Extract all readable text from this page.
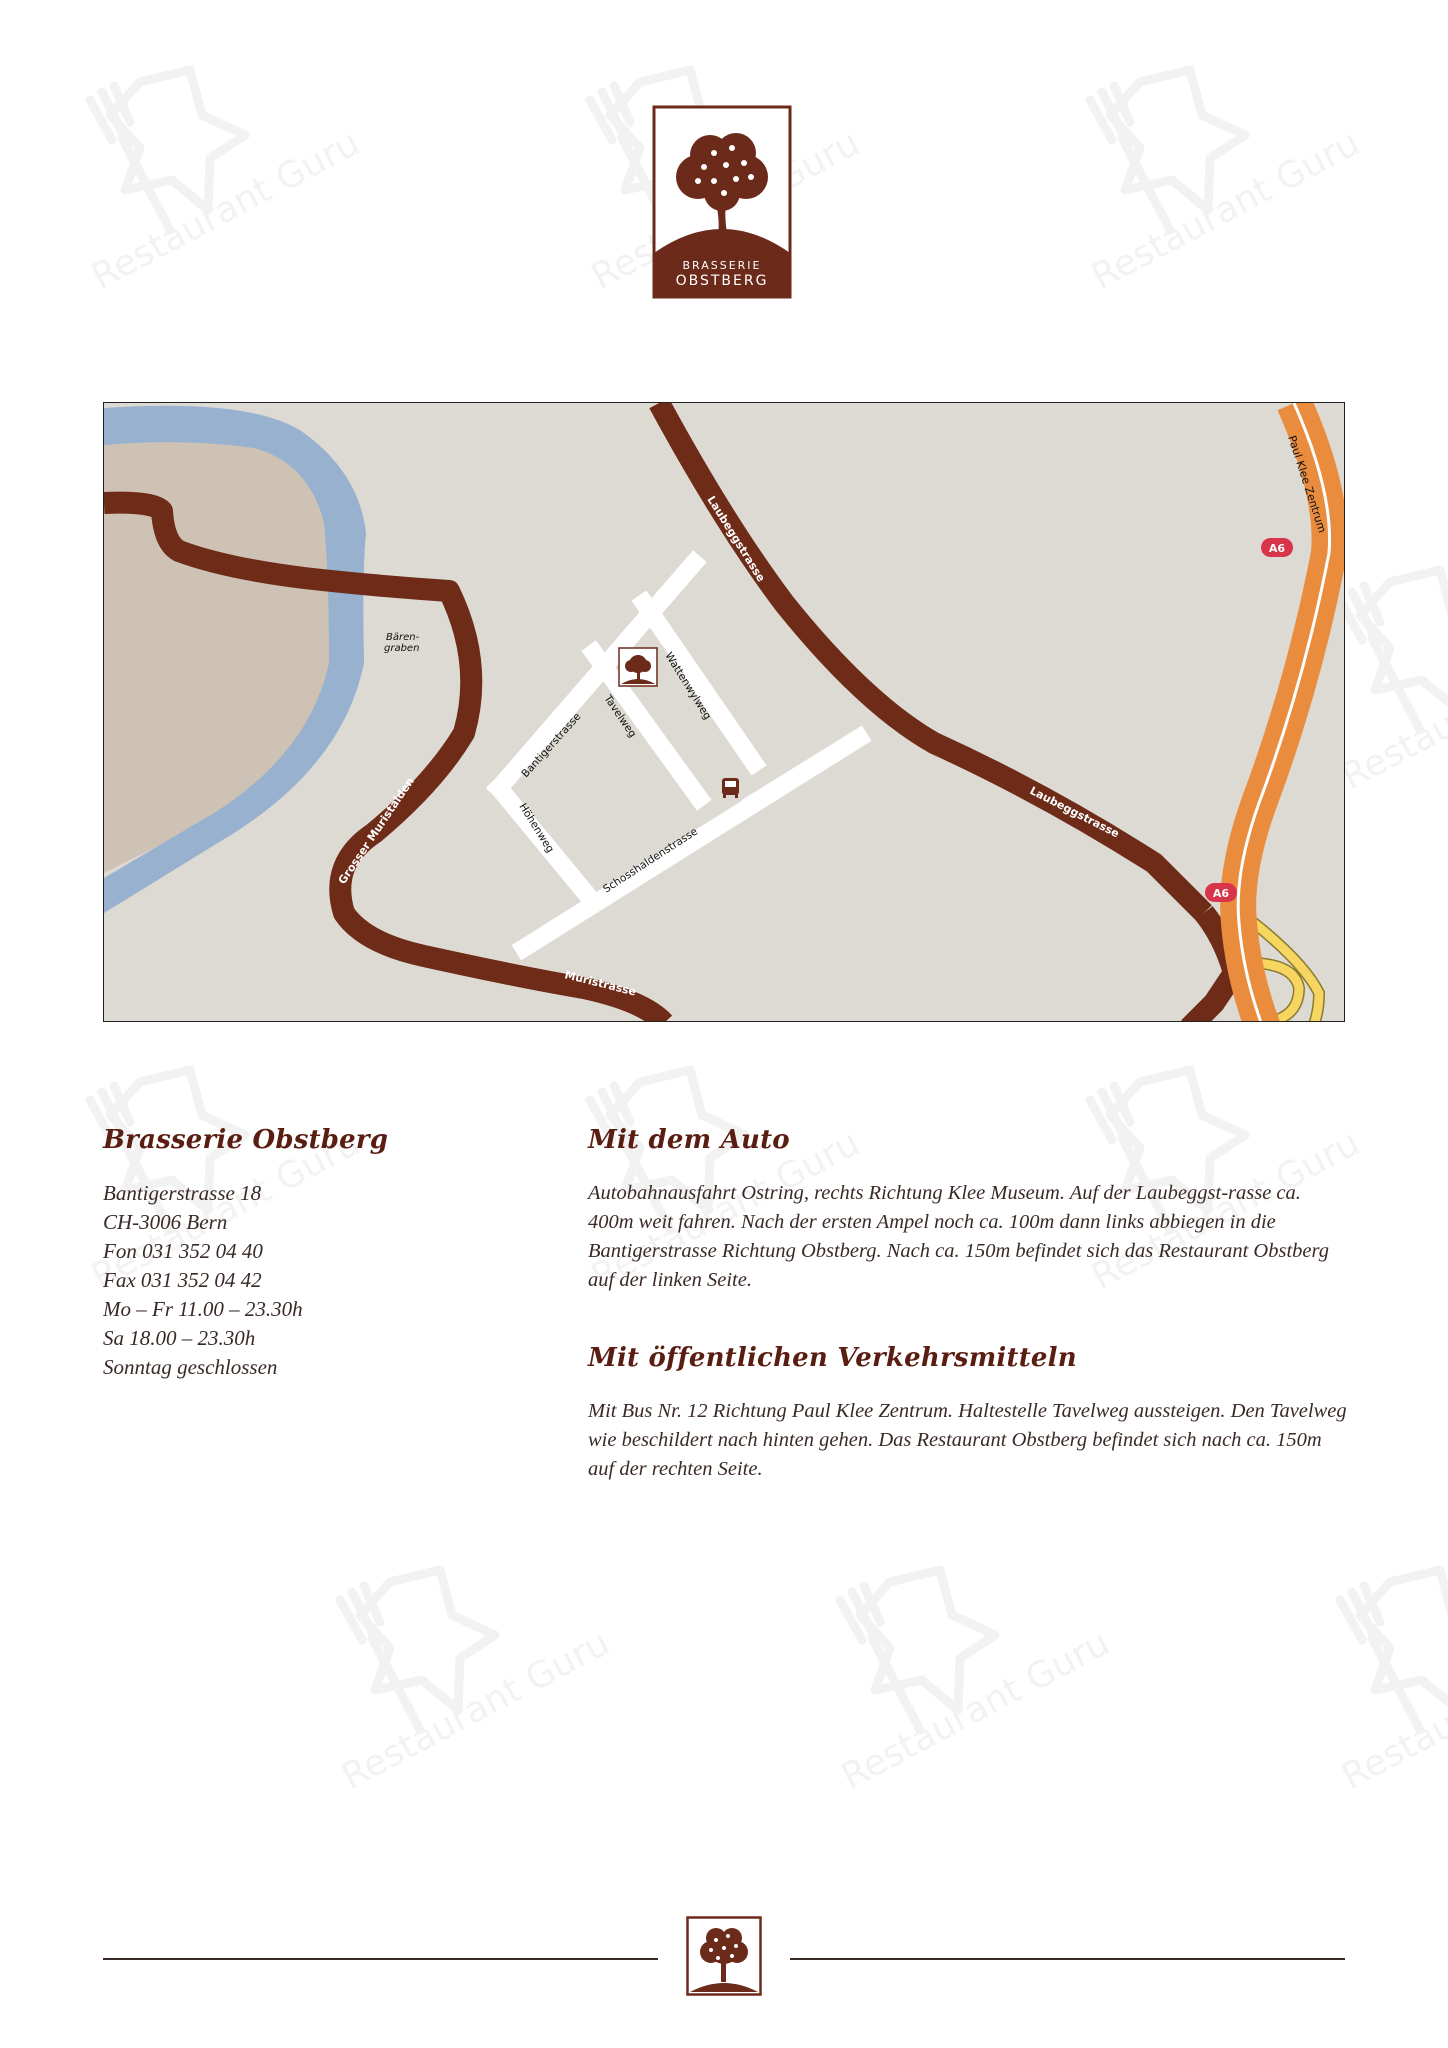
BRASSERIE
OBSTBERG
A6
A6
Bären-
graben
Laubeggstrasse
Laubeggstrasse
Grosser Muristalden
Muristrasse
Bantigerstrasse Tavelweg Wattenwylweg
Höhenweg	Schosshaldenstrasse
Paul Klee Zentrum
Brasserie Obstberg
Bantigerstrasse 18
CH-3006 Bern
Fon 031 352 04 40
Fax 031 352 04 42
Mo – Fr 11.00 – 23.30h
Sa 18.00 – 23.30h
Sonntag geschlossen
Mit dem Auto
Autobahnausfahrt Ostring, rechts Richtung Klee Museum. Auf der Laubeggst-rasse ca. 400m weit fahren. Nach der ersten Ampel noch ca. 100m dann links abbiegen in die Bantigerstrasse Richtung Obstberg. Nach ca. 150m befindet sich das Restaurant Obstberg auf der linken Seite.
Mit öffentlichen Verkehrsmitteln
Mit Bus Nr. 12 Richtung Paul Klee Zentrum. Haltestelle Tavelweg aussteigen. Den Tavelweg wie beschildert nach hinten gehen. Das Restaurant Obstberg befindet sich nach ca. 150m auf der rechten Seite.
